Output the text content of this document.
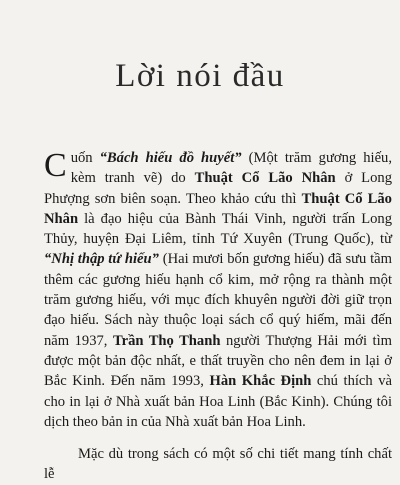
Lời nói đầu

Cuốn “Bách hiếu đồ huyết” (Một trăm gương hiếu, kèm tranh vẽ) do Thuật Cổ Lão Nhân ở Long Phượng sơn biên soạn. Theo khảo cứu thì Thuật Cổ Lão Nhân là đạo hiệu của Bành Thái Vinh, người trấn Long Thủy, huyện Đại Liêm, tỉnh Tứ Xuyên (Trung Quốc), từ “Nhị thập tứ hiếu” (Hai mươi bốn gương hiếu) đã sưu tầm thêm các gương hiếu hạnh cổ kim, mở rộng ra thành một trăm gương hiếu, với mục đích khuyên người đời giữ trọn đạo hiếu. Sách này thuộc loại sách cổ quý hiếm, mãi đến năm 1937, Trần Thọ Thanh người Thượng Hải mới tìm được một bản độc nhất, e thất truyền cho nên đem in lại ở Bắc Kinh. Đến năm 1993, Hàn Khắc Định chú thích và cho in lại ở Nhà xuất bản Hoa Linh (Bắc Kinh). Chúng tôi dịch theo bản in của Nhà xuất bản Hoa Linh.

Mặc dù trong sách có một số chi tiết mang tính chất lễ
